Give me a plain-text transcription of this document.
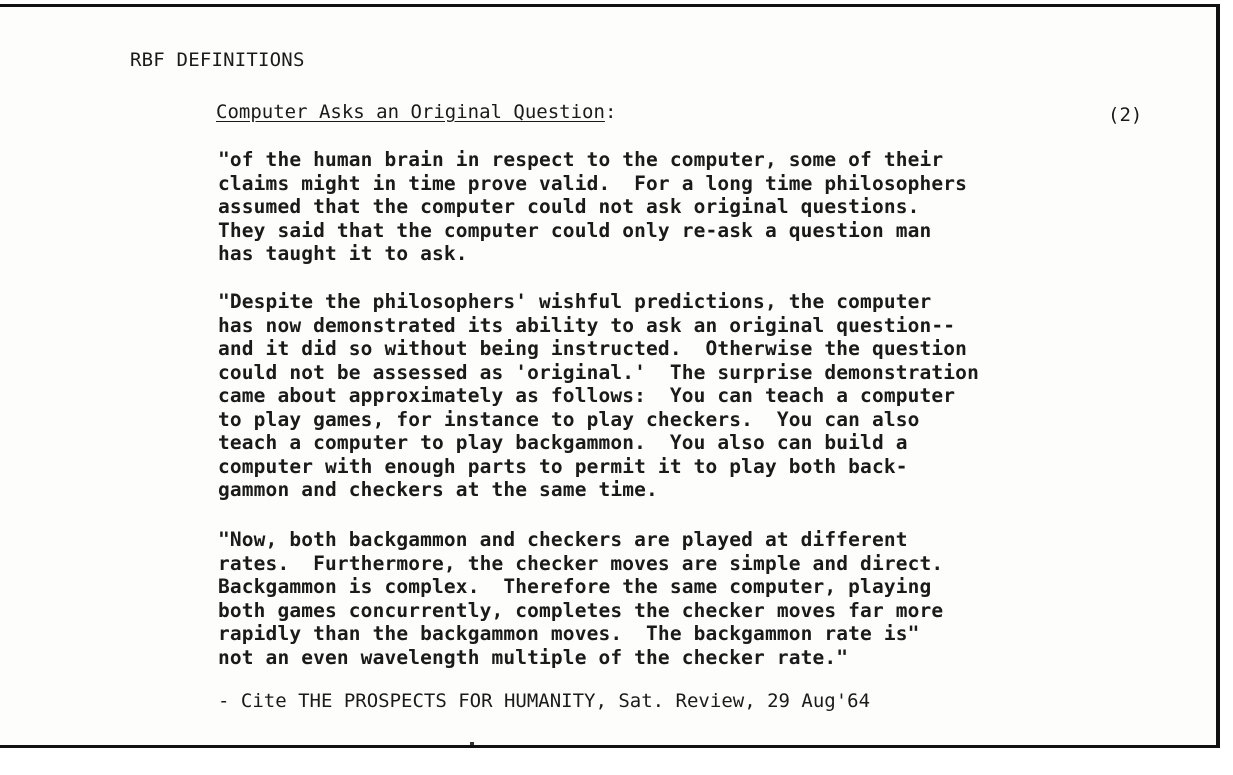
RBF DEFINITIONS
Computer Asks an Original Question:	(2)
"of the human brain in respect to the computer, some of their
claims might in time prove valid.  For a long time philosophers
assumed that the computer could not ask original questions.
They said that the computer could only re-ask a question man
has taught it to ask.
"Despite the philosophers' wishful predictions, the computer
has now demonstrated its ability to ask an original question--
and it did so without being instructed.  Otherwise the question
could not be assessed as 'original.'  The surprise demonstration
came about approximately as follows:  You can teach a computer
to play games, for instance to play checkers.  You can also
teach a computer to play backgammon.  You also can build a
computer with enough parts to permit it to play both back-
gammon and checkers at the same time.
"Now, both backgammon and checkers are played at different
rates.  Furthermore, the checker moves are simple and direct.
Backgammon is complex.  Therefore the same computer, playing
both games concurrently, completes the checker moves far more
rapidly than the backgammon moves.  The backgammon rate is"
not an even wavelength multiple of the checker rate."
- Cite THE PROSPECTS FOR HUMANITY, Sat. Review, 29 Aug'64
